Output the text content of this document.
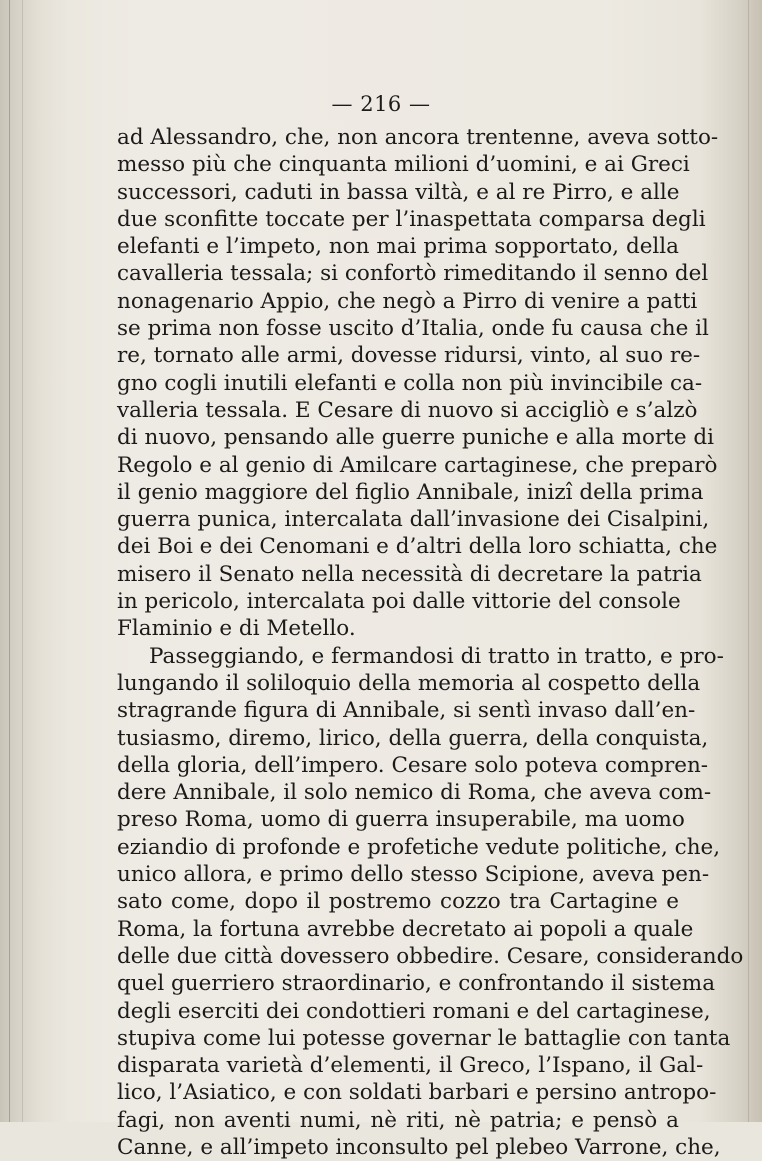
— 216 —
ad Alessandro, che, non ancora trentenne, aveva sotto-
messo più che cinquanta milioni d’uomini, e ai Greci
successori, caduti in bassa viltà, e al re Pirro, e alle
due sconfitte toccate per l’inaspettata comparsa degli
elefanti e l’impeto, non mai prima sopportato, della
cavalleria tessala; si confortò rimeditando il senno del
nonagenario Appio, che negò a Pirro di venire a patti
se prima non fosse uscito d’Italia, onde fu causa che il
re, tornato alle armi, dovesse ridursi, vinto, al suo re-
gno cogli inutili elefanti e colla non più invincibile ca-
valleria tessala. E Cesare di nuovo si accigliò e s’alzò
di nuovo, pensando alle guerre puniche e alla morte di
Regolo e al genio di Amilcare cartaginese, che preparò
il genio maggiore del figlio Annibale, inizî della prima
guerra punica, intercalata dall’invasione dei Cisalpini,
dei Boi e dei Cenomani e d’altri della loro schiatta, che
misero il Senato nella necessità di decretare la patria
in pericolo, intercalata poi dalle vittorie del console
Flaminio e di Metello.
Passeggiando, e fermandosi di tratto in tratto, e pro-
lungando il soliloquio della memoria al cospetto della
stragrande figura di Annibale, si sentì invaso dall’en-
tusiasmo, diremo, lirico, della guerra, della conquista,
della gloria, dell’impero. Cesare solo poteva compren-
dere Annibale, il solo nemico di Roma, che aveva com-
preso Roma, uomo di guerra insuperabile, ma uomo
eziandio di profonde e profetiche vedute politiche, che,
unico allora, e primo dello stesso Scipione, aveva pen-
sato come, dopo il postremo cozzo tra Cartagine e
Roma, la fortuna avrebbe decretato ai popoli a quale
delle due città dovessero obbedire. Cesare, considerando
quel guerriero straordinario, e confrontando il sistema
degli eserciti dei condottieri romani e del cartaginese,
stupiva come lui potesse governar le battaglie con tanta
disparata varietà d’elementi, il Greco, l’Ispano, il Gal-
lico, l’Asiatico, e con soldati barbari e persino antropo-
fagi, non aventi numi, nè riti, nè patria; e pensò a
Canne, e all’impeto inconsulto pel plebeo Varrone, che,
